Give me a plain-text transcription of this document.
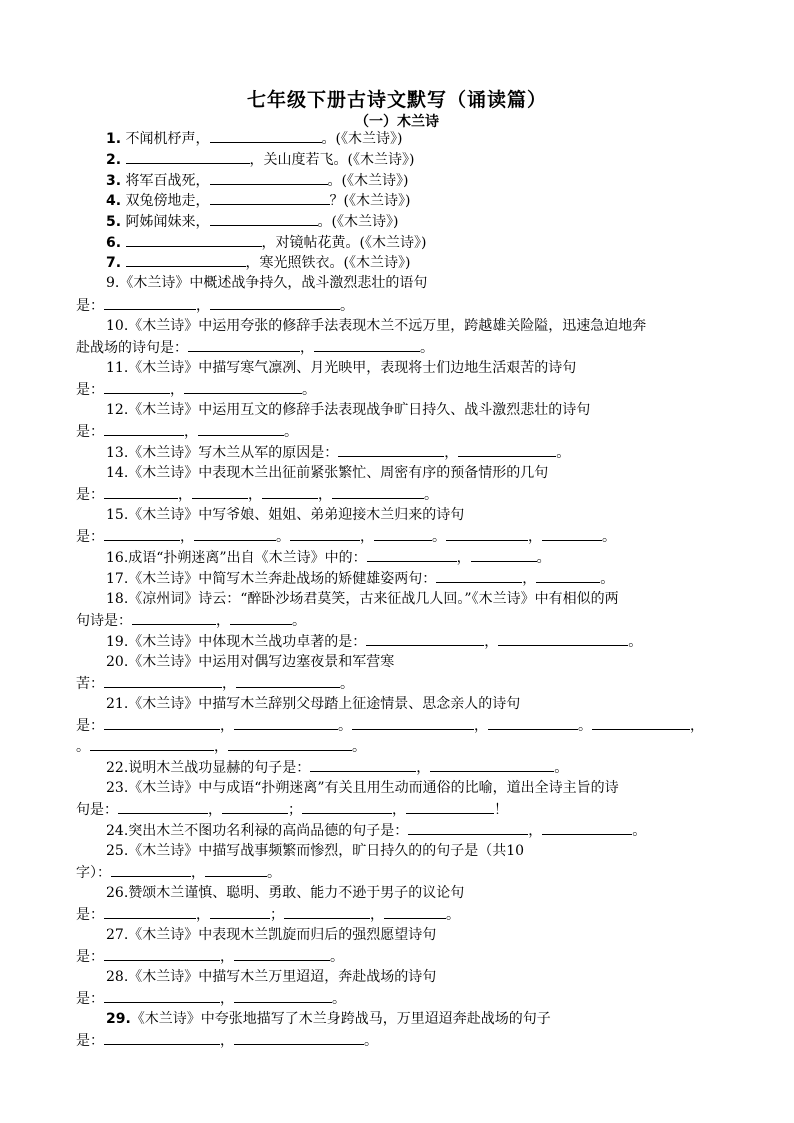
七年级下册古诗文默写（诵读篇）
（一）木兰诗
1. 不闻机杼声，	。(《木兰诗》)
2.	，关山度若飞。(《木兰诗》)
3. 将军百战死，	。(《木兰诗》)
4. 双兔傍地走，	？(《木兰诗》)
5. 阿姊闻妹来，	。(《木兰诗》)
6.	，对镜帖花黄。(《木兰诗》)
7.	，寒光照铁衣。(《木兰诗》)
9.《木兰诗》中概述战争持久，战斗激烈悲壮的语句
是：	，	。
10.《木兰诗》中运用夸张的修辞手法表现木兰不远万里，跨越雄关险隘，迅速急迫地奔
赴战场的诗句是：	，	。
11.《木兰诗》中描写寒气凛冽、月光映甲，表现将士们边地生活艰苦的诗句
是：	，	。
12.《木兰诗》中运用互文的修辞手法表现战争旷日持久、战斗激烈悲壮的诗句
是：	，	。
13.《木兰诗》写木兰从军的原因是：	，	。
14.《木兰诗》中表现木兰出征前紧张繁忙、周密有序的预备情形的几句
是：	，	，	，	。
15.《木兰诗》中写爷娘、姐姐、弟弟迎接木兰归来的诗句
是：	，	。	，	。	，	。
16.成语“扑朔迷离”出自《木兰诗》中的：	，	。
17.《木兰诗》中简写木兰奔赴战场的矫健雄姿两句：	，	。
18.《凉州词》诗云：“醉卧沙场君莫笑，古来征战几人回。”《木兰诗》中有相似的两
句诗是：	，	。
19.《木兰诗》中体现木兰战功卓著的是：	，	。
20.《木兰诗》中运用对偶写边塞夜景和军营寒
苦：	，	。
21.《木兰诗》中描写木兰辞别父母踏上征途情景、思念亲人的诗句
是：	，	。	，	。	，
。	，	。
22.说明木兰战功显赫的句子是：	，	。
23.《木兰诗》中与成语“扑朔迷离”有关且用生动而通俗的比喻，道出全诗主旨的诗
句是：	，	；	，	！
24.突出木兰不图功名利禄的高尚品德的句子是：	，	。
25.《木兰诗》中描写战事频繁而惨烈，旷日持久的的句子是（共10
字）：	，	。
26.赞颂木兰谨慎、聪明、勇敢、能力不逊于男子的议论句
是：	，	；	，	。
27.《木兰诗》中表现木兰凯旋而归后的强烈愿望诗句
是：	，	。
28.《木兰诗》中描写木兰万里迢迢，奔赴战场的诗句
是：	，	。
29.《木兰诗》中夸张地描写了木兰身跨战马，万里迢迢奔赴战场的句子
是：	，	。
